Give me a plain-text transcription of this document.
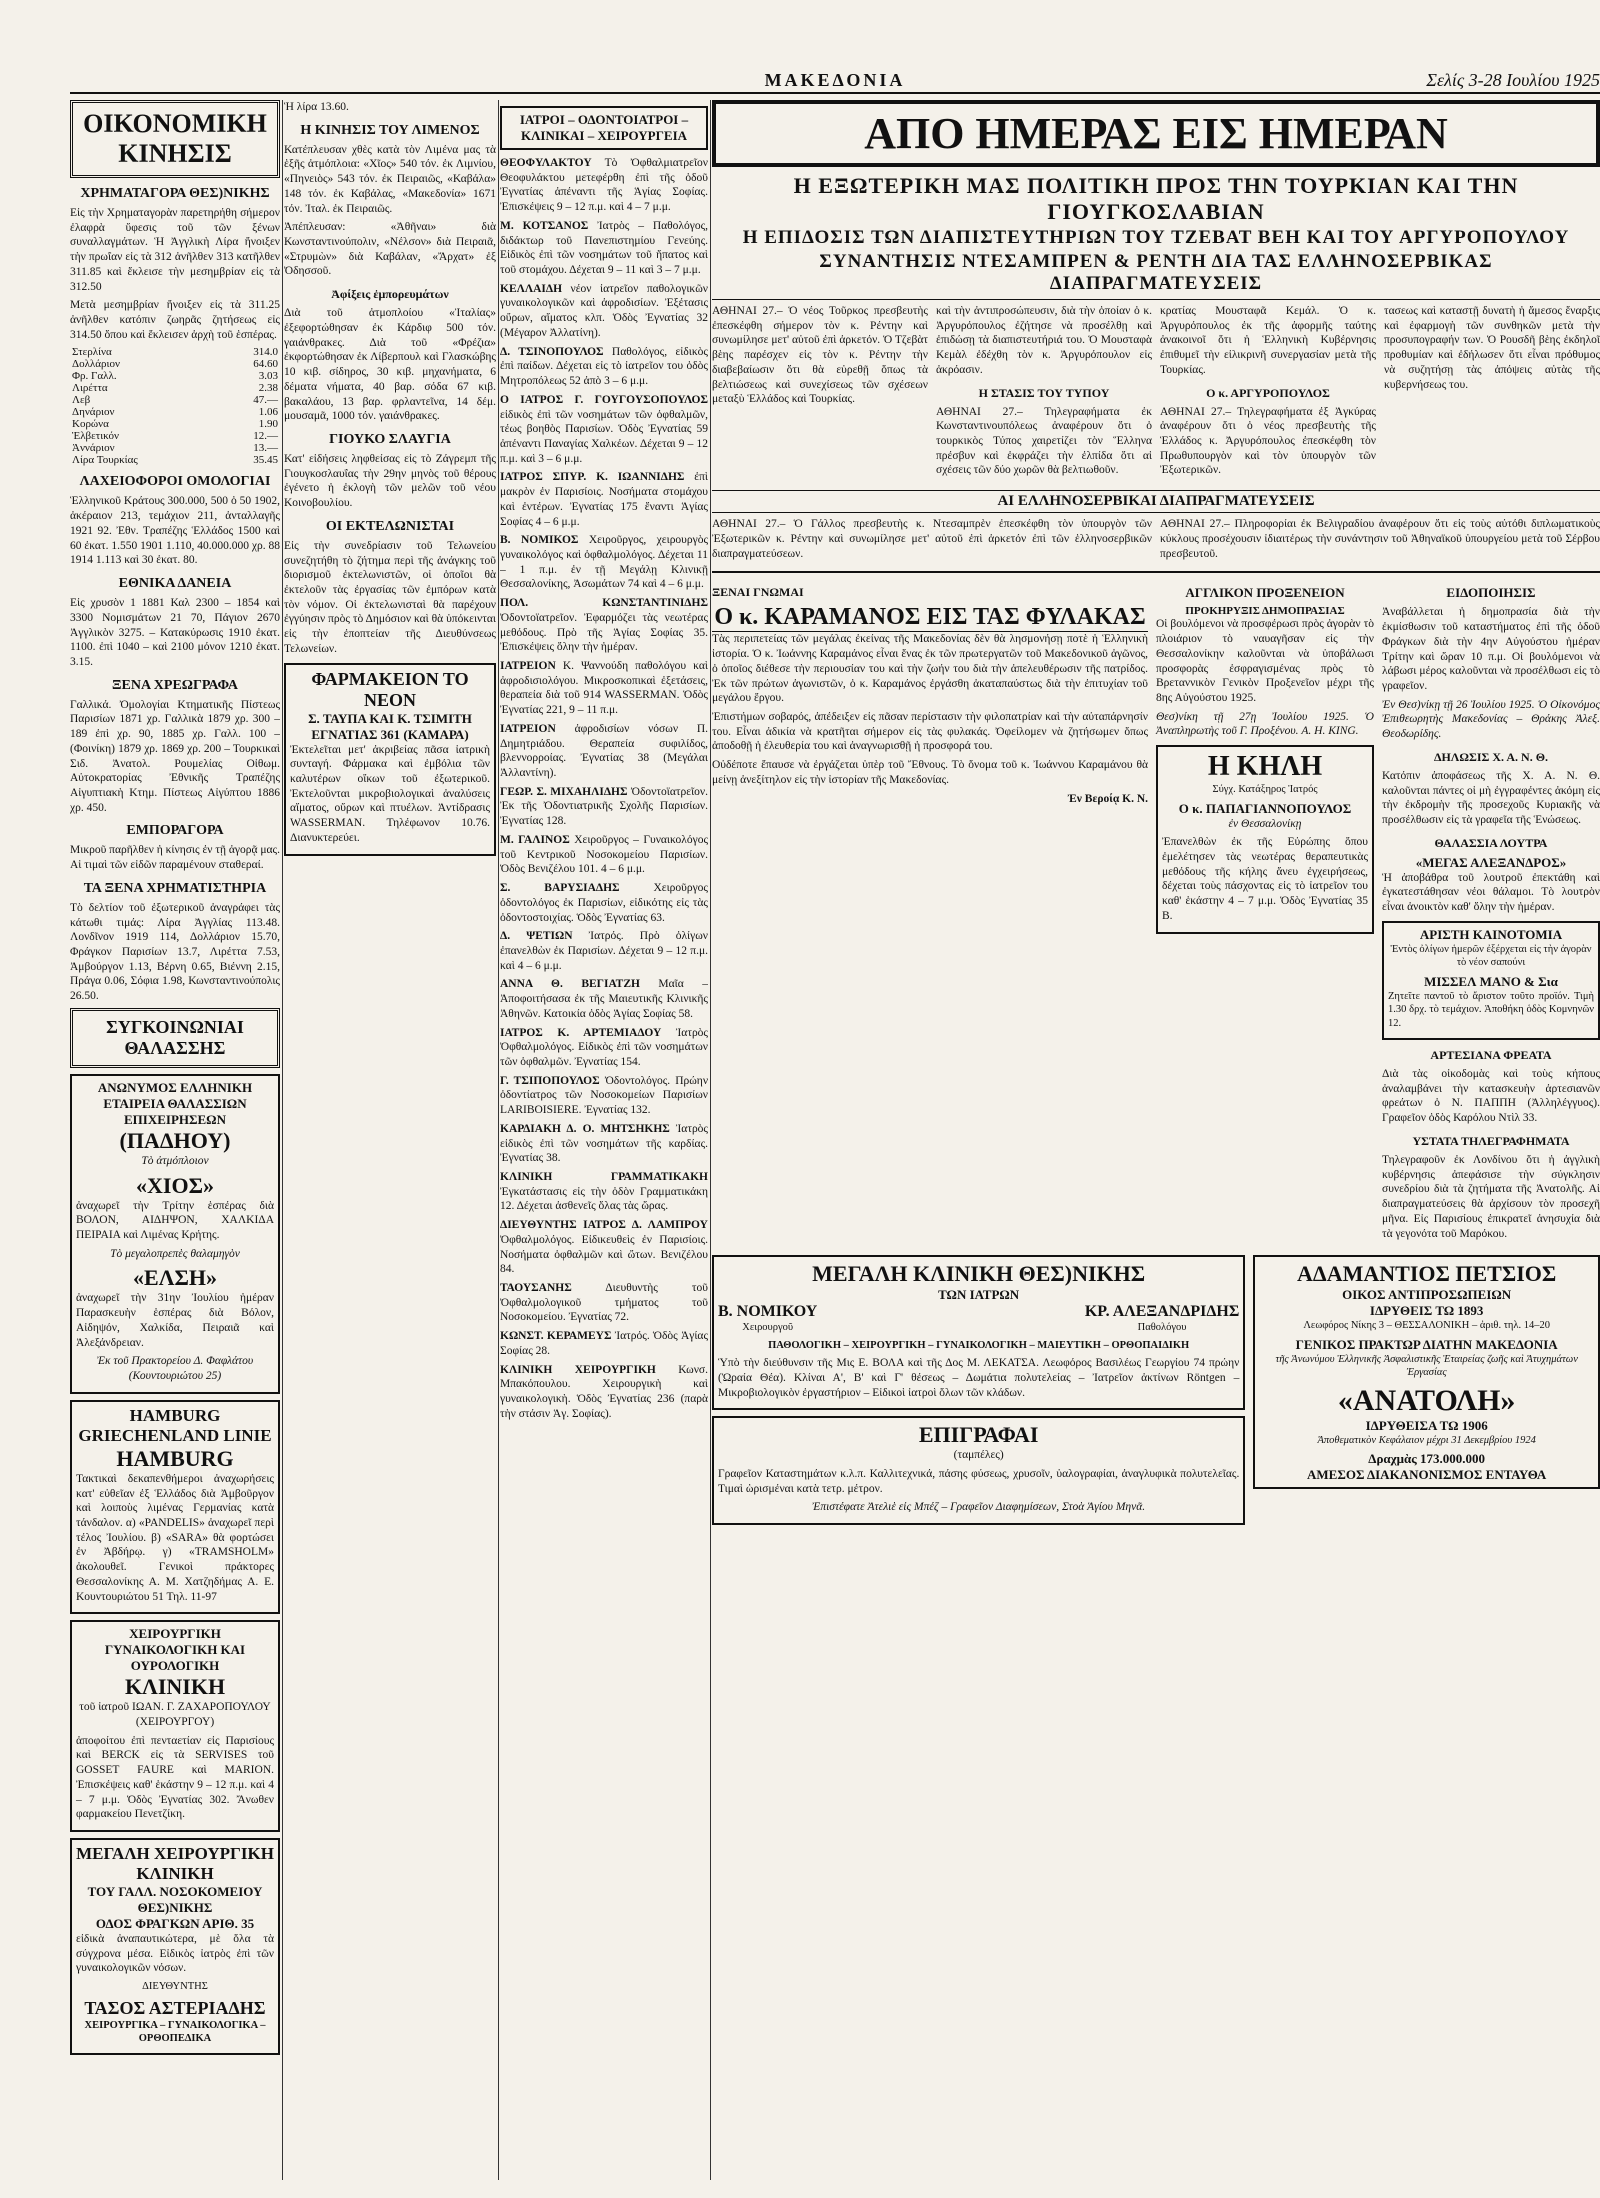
ΜΑΚΕΔΟΝΙΑ	Σελίς 3-28 Ιουλίου 1925
ΟΙΚΟΝΟΜΙΚΗ ΚΙΝΗΣΙΣ
ΧΡΗΜΑΤΑΓΟΡΑ ΘΕΣ)ΝΙΚΗΣ

Εἰς τὴν Χρηματαγορὰν παρετηρήθη σήμερον ἐλαφρὰ ὕφεσις τοῦ τῶν ξένων συναλλαγμάτων. Ἡ Ἀγγλικὴ Λίρα ἤνοιξεν τὴν πρωΐαν εἰς τὰ 312 ἀνῆλθεν 313 κατῆλθεν 311.85 καὶ ἔκλεισε τὴν μεσημβρίαν εἰς τὰ 312.50

Μετὰ μεσημβρίαν ἤνοιξεν εἰς τὰ 311.25 ἀνῆλθεν κατόπιν ζωηρᾶς ζητήσεως εἰς 314.50 ὅπου καὶ ἔκλεισεν ἀρχὴ τοῦ ἑσπέρας.

Στερλίνα	314.0
Δολλάριον	64.60
Φρ. Γαλλ.	3.03
Λιρέττα	2.38
Λεβ	47.—
Δηνάριον	1.06
Κορώνα	1.90
Ἑλβετικόν	12.—
Ἀννάριον	13.—
Λίρα Τουρκίας	35.45
ΛΑΧΕΙΟΦΟΡΟΙ ΟΜΟΛΟΓΙΑΙ

Ἑλληνικοῦ Κράτους 300.000, 500 ὁ 50 1902, ἀκέραιον 213, τεμάχιον 211, ἀνταλλαγῆς 1921 92. Ἐθν. Τραπέζης Ἑλλάδος 1500 καὶ 60 ἐκατ. 1.550 1901 1.110, 40.000.000 χρ. 88 1914 1.113 καὶ 30 ἐκατ. 80.

ΕΘΝΙΚΑ ΔΑΝΕΙΑ

Εἰς χρυσὸν 1 1881 Καλ 2300 – 1854 καὶ 3300 Νομισμάτων 21 70, Πάγιον 2670 Ἀγγλικὸν 3275. – Κατακύρωσις 1910 ἐκατ. 1100. ἐπὶ 1040 – καὶ 2100 μόνον 1210 ἐκατ. 3.15.

ΞΕΝΑ ΧΡΕΩΓΡΑΦΑ

Γαλλικά. Ὀμολογίαι Κτηματικῆς Πίστεως Παρισίων 1871 χρ. Γαλλικὰ 1879 χρ. 300 – 189 ἐπὶ χρ. 90, 1885 χρ. Γαλλ. 100 – (Φοινίκη) 1879 χρ. 1869 χρ. 200 – Τουρκικαὶ Σιδ. Ἀνατολ. Ρουμελίας Οἰθωμ. Αὐτοκρατορίας Ἐθνικῆς Τραπέζης Αἰγυπτιακὴ Κτημ. Πίστεως Αἰγύπτου 1886 χρ. 450.

ΕΜΠΟΡΑΓΟΡΑ

Μικροῦ παρῆλθεν ἡ κίνησις ἐν τῇ ἀγορᾷ μας. Αἱ τιμαὶ τῶν εἰδῶν παραμένουν σταθεραί.

ΤΑ ΞΕΝΑ ΧΡΗΜΑΤΙΣΤΗΡΙΑ

Τὸ δελτίον τοῦ ἐξωτερικοῦ ἀναγράφει τὰς κάτωθι τιμάς: Λίρα Ἀγγλίας 113.48. Λονδῖνον 1919 114, Δολλάριον 15.70, Φράγκον Παρισίων 13.7, Λιρέττα 7.53, Ἀμβούργον 1.13, Βέρνη 0.65, Βιέννη 2.15, Πράγα 0.06, Σόφια 1.98, Κωνσταντινούπολις 26.50.

ΣΥΓΚΟΙΝΩΝΙΑΙ ΘΑΛΑΣΣΗΣ
ΑΝΩΝΥΜΟΣ ΕΛΛΗΝΙΚΗ ΕΤΑΙΡΕΙΑ ΘΑΛΑΣΣΙΩΝ ΕΠΙΧΕΙΡΗΣΕΩΝ
(ΠΑΔΗΟΥ)

Τὸ ἀτμόπλοιον

«ΧΙΟΣ»

ἀναχωρεῖ τὴν Τρίτην ἑσπέρας διὰ ΒΟΛΟΝ, ΑΙΔΗΨΟΝ, ΧΑΛΚΙΔΑ ΠΕΙΡΑΙΑ καὶ Λιμένας Κρήτης.

Τὸ μεγαλοπρεπὲς θαλαμηγὸν

«ΕΛΣΗ»

ἀναχωρεῖ τὴν 31ην Ἰουλίου ἡμέραν Παρασκευὴν ἑσπέρας διὰ Βόλον, Αἰδηψόν, Χαλκίδα, Πειραιᾶ καὶ Ἀλεξάνδρειαν.

Ἐκ τοῦ Πρακτορείου Δ. Φαφλάτου (Κουντουριώτου 25)

HAMBURG GRIECHENLAND LINIE
HAMBURG

Τακτικαὶ δεκαπενθήμεροι ἀναχωρήσεις κατ' εὐθεῖαν ἐξ Ἑλλάδος διὰ Ἀμβοῦργον καὶ λοιποὺς λιμένας Γερμανίας κατὰ τάνδαλον. α) «PANDELIS» ἀναχωρεῖ περὶ τέλος Ἰουλίου. β) «SARA» θὰ φορτώσει ἐν Ἀβδήρῳ. γ) «TRAMSHOLM» ἀκολουθεῖ. Γενικοὶ πράκτορες Θεσσαλονίκης Α. Μ. Χατζηδήμας Α. Ε. Κουντουριώτου 51 Τηλ. 11-97

ΧΕΙΡΟΥΡΓΙΚΗ ΓΥΝΑΙΚΟΛΟΓΙΚΗ ΚΑΙ ΟΥΡΟΛΟΓΙΚΗ
ΚΛΙΝΙΚΗ

τοῦ ἰατροῦ ΙΩΑΝ. Γ. ΖΑΧΑΡΟΠΟΥΛΟΥ (ΧΕΙΡΟΥΡΓΟΥ)

ἀποφοίτου ἐπὶ πενταετίαν εἰς Παρισίους καὶ BERCK εἰς τὰ SERVISES τοῦ GOSSET FAURE καὶ MARION. Ἐπισκέψεις καθ' ἑκάστην 9 – 12 π.μ. καὶ 4 – 7 μ.μ. Ὁδὸς Ἐγνατίας 302. Ἄνωθεν φαρμακείου Πενετζίκη.

ΜΕΓΑΛΗ ΧΕΙΡΟΥΡΓΙΚΗ ΚΛΙΝΙΚΗ
ΤΟΥ ΓΑΛΛ. ΝΟΣΟΚΟΜΕΙΟΥ ΘΕΣ)ΝΙΚΗΣ
ΟΔΟΣ ΦΡΑΓΚΩΝ ΑΡΙΘ. 35

εἰδικὰ ἀναπαυτικώτερα, μὲ ὅλα τὰ σύγχρονα μέσα. Εἰδικὸς ἰατρὸς ἐπὶ τῶν γυναικολογικῶν νόσων.

ΔΙΕΥΘΥΝΤΗΣ

ΤΑΣΟΣ ΑΣΤΕΡΙΑΔΗΣ

ΧΕΙΡΟΥΡΓΙΚΑ – ΓΥΝΑΙΚΟΛΟΓΙΚΑ – ΟΡΘΟΠΕΔΙΚΑ

Ἡ λίρα 13.60.

Η ΚΙΝΗΣΙΣ ΤΟΥ ΛΙΜΕΝΟΣ

Κατέπλευσαν χθὲς κατὰ τὸν Λιμένα μας τὰ ἑξῆς ἀτμόπλοια: «Χῖος» 540 τόν. ἐκ Λιμνίου, «Πηνειὸς» 543 τόν. ἐκ Πειραιῶς, «Καβάλα» 148 τόν. ἐκ Καβάλας, «Μακεδονία» 1671 τόν. Ἰταλ. ἐκ Πειραιῶς.

Ἀπέπλευσαν: «Ἀθῆναι» διὰ Κωνσταντινούπολιν, «Νέλσον» διὰ Πειραιᾶ, «Στρυμὼν» διὰ Καβάλαν, «Ἄρχατ» ἐξ Ὀδησσοῦ.

Ἀφίξεις ἐμπορευμάτων

Διὰ τοῦ ἀτμοπλοίου «Ἰταλίας» ἐξεφορτώθησαν ἐκ Κάρδιφ 500 τόν. γαιάνθρακες. Διὰ τοῦ «Φρέζια» ἐκφορτώθησαν ἐκ Λίβερπουλ καὶ Γλασκώβης 10 κιβ. σίδηρος, 30 κιβ. μηχανήματα, 6 δέματα νήματα, 40 βαρ. σόδα 67 κιβ. βακαλάου, 13 βαρ. φρλαντεῖνα, 14 δέμ. μουσαμᾶ, 1000 τόν. γαιάνθρακες.

ΓΙΟΥΚΟ ΣΛΑΥΓΙΑ

Κατ' εἰδήσεις ληφθείσας εἰς τὸ Ζάγρεμπ τῆς Γιουγκοσλαυΐας τὴν 29ην μηνὸς τοῦ θέρους ἐγένετο ἡ ἐκλογὴ τῶν μελῶν τοῦ νέου Κοινοβουλίου.

ΟΙ ΕΚΤΕΛΩΝΙΣΤΑΙ

Εἰς τὴν συνεδρίασιν τοῦ Τελωνείου συνεζητήθη τὸ ζήτημα περὶ τῆς ἀνάγκης τοῦ διορισμοῦ ἐκτελωνιστῶν, οἱ ὁποῖοι θὰ ἐκτελοῦν τὰς ἐργασίας τῶν ἐμπόρων κατὰ τὸν νόμον. Οἱ ἐκτελωνισταὶ θὰ παρέχουν ἐγγύησιν πρὸς τὸ Δημόσιον καὶ θὰ ὑπόκεινται εἰς τὴν ἐποπτείαν τῆς Διευθύνσεως Τελωνείων.

ΦΑΡΜΑΚΕΙΟΝ ΤΟ ΝΕΟΝ
Σ. ΤΑΥΠΑ ΚΑΙ Κ. ΤΣΙΜΙΤΗ
ΕΓΝΑΤΙΑΣ 361 (ΚΑΜΑΡΑ)

Ἐκτελεῖται μετ' ἀκριβείας πᾶσα ἰατρικὴ συνταγή. Φάρμακα καὶ ἐμβόλια τῶν καλυτέρων οἴκων τοῦ ἐξωτερικοῦ. Ἐκτελοῦνται μικροβιολογικαὶ ἀναλύσεις αἵματος, οὔρων καὶ πτυέλων. Ἀντίδρασις WASSERMAN. Τηλέφωνον 10.76. Διανυκτερεύει.

ΙΑΤΡΟΙ – ΟΔΟΝΤΟΙΑΤΡΟΙ – ΚΛΙΝΙΚΑΙ – ΧΕΙΡΟΥΡΓΕΙΑ

ΘΕΟΦΥΛΑΚΤΟΥ Τὸ Ὀφθαλμιατρεῖον Θεοφυλάκτου μετεφέρθη ἐπὶ τῆς ὁδοῦ Ἐγνατίας ἀπέναντι τῆς Ἁγίας Σοφίας. Ἐπισκέψεις 9 – 12 π.μ. καὶ 4 – 7 μ.μ.

Μ. ΚΟΤΣΑΝΟΣ Ἰατρὸς – Παθολόγος, διδάκτωρ τοῦ Πανεπιστημίου Γενεύης. Εἰδικὸς ἐπὶ τῶν νοσημάτων τοῦ ἥπατος καὶ τοῦ στομάχου. Δέχεται 9 – 11 καὶ 3 – 7 μ.μ.

ΚΕΛΛΑΙΔΗ νέον ἰατρεῖον παθολογικῶν γυναικολογικῶν καὶ ἀφροδισίων. Ἐξέτασις οὔρων, αἵματος κλπ. Ὁδὸς Ἐγνατίας 32 (Μέγαρον Ἀλλατίνη).

Δ. ΤΣΙΝΟΠΟΥΛΟΣ Παθολόγος, εἰδικὸς ἐπὶ παίδων. Δέχεται εἰς τὸ ἰατρεῖον του ὁδὸς Μητροπόλεως 52 ἀπὸ 3 – 6 μ.μ.

Ο ΙΑΤΡΟΣ Γ. ΓΟΥΓΟΥΣΟΠΟΥΛΟΣ εἰδικὸς ἐπὶ τῶν νοσημάτων τῶν ὀφθαλμῶν, τέως βοηθὸς Παρισίων. Ὁδὸς Ἐγνατίας 59 ἀπέναντι Παναγίας Χαλκέων. Δέχεται 9 – 12 π.μ. καὶ 3 – 6 μ.μ.

ΙΑΤΡΟΣ ΣΠΥΡ. Κ. ΙΩΑΝΝΙΔΗΣ ἐπὶ μακρὸν ἐν Παρισίοις. Νοσήματα στομάχου καὶ ἐντέρων. Ἐγνατίας 175 ἔναντι Ἁγίας Σοφίας 4 – 6 μ.μ.

Β. ΝΟΜΙΚΟΣ Χειροῦργος, χειρουργὸς γυναικολόγος καὶ ὀφθαλμολόγος. Δέχεται 11 – 1 π.μ. ἐν τῇ Μεγάλῃ Κλινικῇ Θεσσαλονίκης, Ἀσωμάτων 74 καὶ 4 – 6 μ.μ.

ΠΟΛ. ΚΩΝΣΤΑΝΤΙΝΙΔΗΣ Ὀδοντοϊατρεῖον. Ἐφαρμόζει τὰς νεωτέρας μεθόδους. Πρὸ τῆς Ἁγίας Σοφίας 35. Ἐπισκέψεις ὅλην τὴν ἡμέραν.

ΙΑΤΡΕΙΟΝ Κ. Ψαννούδη παθολόγου καὶ ἀφροδισιολόγου. Μικροσκοπικαὶ ἐξετάσεις, θεραπεία διὰ τοῦ 914 WASSERMAN. Ὁδὸς Ἐγνατίας 221, 9 – 11 π.μ.

ΙΑΤΡΕΙΟΝ ἀφροδισίων νόσων Π. Δημητριάδου. Θεραπεία συφιλίδος, βλεννορροίας. Ἐγνατίας 38 (Μεγάλαι Ἀλλαντίνη).

ΓΕΩΡ. Σ. ΜΙΧΑΗΛΙΔΗΣ Ὀδοντοϊατρεῖον. Ἐκ τῆς Ὀδοντιατρικῆς Σχολῆς Παρισίων. Ἐγνατίας 128.

Μ. ΓΑΛΙΝΟΣ Χειροῦργος – Γυναικολόγος τοῦ Κεντρικοῦ Νοσοκομείου Παρισίων. Ὁδὸς Βενιζέλου 101. 4 – 6 μ.μ.

Σ. ΒΑΡΥΣΙΑΔΗΣ	Χειροῦργος ὀδοντολόγος ἐκ Παρισίων, εἰδικότης εἰς τὰς ὀδοντοστοιχίας. Ὁδὸς Ἐγνατίας 63.

Δ. ΨΕΤΙΩΝ Ἰατρός. Πρὸ ὀλίγων ἐπανελθὼν ἐκ Παρισίων. Δέχεται 9 – 12 π.μ. καὶ 4 – 6 μ.μ.

ΑΝΝΑ Θ. ΒΕΓΙΑΤΖΗ Μαῖα – Ἀποφοιτήσασα ἐκ τῆς Μαιευτικῆς Κλινικῆς Ἀθηνῶν. Κατοικία ὁδὸς Ἁγίας Σοφίας 58.

ΙΑΤΡΟΣ Κ. ΑΡΤΕΜΙΑΔΟΥ Ἰατρὸς Ὀφθαλμολόγος. Εἰδικὸς ἐπὶ τῶν νοσημάτων τῶν ὀφθαλμῶν. Ἐγνατίας 154.

Γ. ΤΣΙΠΟΠΟΥΛΟΣ Ὀδοντολόγος. Πρώην ὀδοντίατρος τῶν Νοσοκομείων Παρισίων LARIBOISIERE. Ἐγνατίας 132.

ΚΑΡΔΙΑΚΗ Δ. Ο. ΜΗΤΣΗΚΗΣ Ἰατρὸς εἰδικὸς ἐπὶ τῶν νοσημάτων τῆς καρδίας. Ἐγνατίας 38.

ΚΛΙΝΙΚΗ ΓΡΑΜΜΑΤΙΚΑΚΗ Ἐγκατάστασις εἰς τὴν ὁδὸν Γραμματικάκη 12. Δέχεται ἀσθενεῖς ὅλας τὰς ὥρας.

ΔΙΕΥΘΥΝΤΗΣ ΙΑΤΡΟΣ Δ. ΛΑΜΠΡΟΥ Ὀφθαλμολόγος. Εἰδικευθεὶς ἐν Παρισίοις. Νοσήματα ὀφθαλμῶν καὶ ὤτων. Βενιζέλου 84.

ΤΑΟΥΣΑΝΗΣ	Διευθυντὴς τοῦ Ὀφθαλμολογικοῦ τμήματος τοῦ Νοσοκομείου. Ἐγνατίας 72.

ΚΩΝΣΤ. ΚΕΡΑΜΕΥΣ Ἰατρός. Ὁδὸς Ἁγίας Σοφίας 28.

ΚΛΙΝΙΚΗ ΧΕΙΡΟΥΡΓΙΚΗ Κωνσ. Μπακόπουλου. Χειρουργικὴ καὶ γυναικολογικὴ. Ὁδὸς Ἐγνατίας 236 (παρὰ τὴν στάσιν Ἁγ. Σοφίας).

ΑΠΟ ΗΜΕΡΑΣ ΕΙΣ ΗΜΕΡΑΝ
Η ΕΞΩΤΕΡΙΚΗ ΜΑΣ ΠΟΛΙΤΙΚΗ ΠΡΟΣ ΤΗΝ ΤΟΥΡΚΙΑΝ ΚΑΙ ΤΗΝ ΓΙΟΥΓΚΟΣΛΑΒΙΑΝ
Η ΕΠΙΔΟΣΙΣ ΤΩΝ ΔΙΑΠΙΣΤΕΥΤΗΡΙΩΝ ΤΟΥ ΤΖΕΒΑΤ ΒΕΗ ΚΑΙ ΤΟΥ ΑΡΓΥΡΟΠΟΥΛΟΥ
ΣΥΝΑΝΤΗΣΙΣ ΝΤΕΣΑΜΠΡΕΝ & ΡΕΝΤΗ ΔΙΑ ΤΑΣ ΕΛΛΗΝΟΣΕΡΒΙΚΑΣ ΔΙΑΠΡΑΓΜΑΤΕΥΣΕΙΣ

ΑΘΗΝΑΙ 27.– Ὁ νέος Τοῦρκος πρεσβευτὴς ἐπεσκέφθη σήμερον τὸν κ. Ρέντην καὶ συνωμίλησε μετ' αὐτοῦ ἐπὶ ἀρκετόν. Ὁ Τζεβὰτ βὲης παρέσχεν εἰς τὸν κ. Ρέντην τὴν διαβεβαίωσιν ὅτι θὰ εὑρεθῇ ὅπως τὰ βελτιώσεως καὶ συνεχίσεως τῶν σχέσεων μεταξὺ Ἑλλάδος καὶ Τουρκίας.

καὶ τὴν ἀντιπροσώπευσιν, διὰ τὴν ὁποίαν ὁ κ. Ἀργυρόπουλος ἐζήτησε νὰ προσέλθῃ καὶ ἐπιδώσῃ τὰ διαπιστευτήριά του. Ὁ Μουσταφὰ Κεμὰλ ἐδέχθη τὸν κ. Ἀργυρόπουλον εἰς ἀκρόασιν.

Η ΣΤΑΣΙΣ ΤΟΥ ΤΥΠΟΥ

ΑΘΗΝΑΙ 27.– Τηλεγραφήματα ἐκ Κωνσταντινουπόλεως ἀναφέρουν ὅτι ὁ τουρκικὸς Τύπος χαιρετίζει τὸν Ἕλληνα πρέσβυν καὶ ἐκφράζει τὴν ἐλπίδα ὅτι αἱ σχέσεις τῶν δύο χωρῶν θὰ βελτιωθοῦν.

κρατίας Μουσταφᾶ Κεμάλ. Ὁ κ. Ἀργυρόπουλος ἐκ τῆς ἀφορμῆς ταύτης ἀνακοινοῖ ὅτι ἡ Ἑλληνικὴ Κυβέρνησις ἐπιθυμεῖ τὴν εἰλικρινῆ συνεργασίαν μετὰ τῆς Τουρκίας.

Ο κ. ΑΡΓΥΡΟΠΟΥΛΟΣ

ΑΘΗΝΑΙ 27.– Τηλεγραφήματα ἐξ Ἀγκύρας ἀναφέρουν ὅτι ὁ νέος πρεσβευτὴς τῆς Ἑλλάδος κ. Ἀργυρόπουλος ἐπεσκέφθη τὸν Πρωθυπουργὸν καὶ τὸν ὑπουργὸν τῶν Ἐξωτερικῶν.

τασεως καὶ καταστῇ δυνατὴ ἡ ἄμεσος ἔναρξις καὶ ἐφαρμογὴ τῶν συνθηκῶν μετὰ τὴν προσυπογραφήν των. Ὁ Ρουσδῆ βὲης ἐκδηλοῖ προθυμίαν καὶ ἐδήλωσεν ὅτι εἶναι πρόθυμος νὰ συζητήσῃ τὰς ἀπόψεις αὐτὰς τῆς κυβερνήσεως του.

ΑΙ ΕΛΛΗΝΟΣΕΡΒΙΚΑΙ ΔΙΑΠΡΑΓΜΑΤΕΥΣΕΙΣ

ΑΘΗΝΑΙ 27.– Ὁ Γάλλος πρεσβευτὴς κ. Ντεσαμπρὲν ἐπεσκέφθη τὸν ὑπουργὸν τῶν Ἐξωτερικῶν κ. Ρέντην καὶ συνωμίλησε μετ' αὐτοῦ ἐπὶ ἀρκετόν ἐπὶ τῶν ἑλληνοσερβικῶν διαπραγματεύσεων.

ΑΘΗΝΑΙ 27.– Πληροφορίαι ἐκ Βελιγραδίου ἀναφέρουν ὅτι εἰς τοὺς αὐτόθι διπλωματικοὺς κύκλους προσέχουσιν ἰδιαιτέρως τὴν συνάντησιν τοῦ Ἀθηναϊκοῦ ὑπουργείου μετὰ τοῦ Σέρβου πρεσβευτοῦ.

ΞΕΝΑΙ ΓΝΩΜΑΙ
Ο κ. ΚΑΡΑΜΑΝΟΣ ΕΙΣ ΤΑΣ ΦΥΛΑΚΑΣ

Τὰς περιπετείας τῶν μεγάλας ἐκείνας τῆς Μακεδονίας δὲν θὰ λησμονήσῃ ποτὲ ἡ Ἑλληνικὴ ἱστορία. Ὁ κ. Ἰωάννης Καραμάνος εἶναι ἕνας ἐκ τῶν πρωτεργατῶν τοῦ Μακεδονικοῦ ἀγῶνος, ὁ ὁποῖος διέθεσε τὴν περιουσίαν του καὶ τὴν ζωήν του διὰ τὴν ἀπελευθέρωσιν τῆς πατρίδος. Ἐκ τῶν πρώτων ἀγωνιστῶν, ὁ κ. Καραμάνος ἐργάσθη ἀκαταπαύστως διὰ τὴν ἐπιτυχίαν τοῦ μεγάλου ἔργου.

Ἐπιστήμων σοβαρός, ἀπέδειξεν εἰς πᾶσαν περίστασιν τὴν φιλοπατρίαν καὶ τὴν αὐταπάρνησίν του. Εἶναι ἀδικία νὰ κρατῆται σήμερον εἰς τὰς φυλακάς. Ὀφείλομεν νὰ ζητήσωμεν ὅπως ἀποδοθῇ ἡ ἐλευθερία του καὶ ἀναγνωρισθῇ ἡ προσφορά του.

Οὐδέποτε ἔπαυσε νὰ ἐργάζεται ὑπὲρ τοῦ Ἔθνους. Τὸ ὄνομα τοῦ κ. Ἰωάννου Καραμάνου θὰ μείνῃ ἀνεξίτηλον εἰς τὴν ἱστορίαν τῆς Μακεδονίας.

Ἐν Βεροίᾳ Κ. Ν.

ΑΓΓΛΙΚΟΝ ΠΡΟΞΕΝΕΙΟΝ
ΠΡΟΚΗΡΥΞΙΣ ΔΗΜΟΠΡΑΣΙΑΣ

Οἱ βουλόμενοι νὰ προσφέρωσι πρὸς ἀγορὰν τὸ πλοιάριον τὸ ναυαγῆσαν εἰς τὴν Θεσσαλονίκην καλοῦνται νὰ ὑποβάλωσι προσφορὰς ἐσφραγισμένας πρὸς τὸ Βρεταννικὸν Γενικὸν Προξενεῖον μέχρι τῆς 8ης Αὐγούστου 1925.

Θεσ)νίκη τῇ 27ῃ Ἰουλίου 1925. Ὁ Ἀναπληρωτὴς τοῦ Γ. Προξένου. A. H. KING.

Η ΚΗΛΗ

Σύγχ. Κατάξηρος Ἰατρός

Ο κ. ΠΑΠΑΓΙΑΝΝΟΠΟΥΛΟΣ

ἐν Θεσσαλονίκῃ

Ἐπανελθὼν ἐκ τῆς Εὐρώπης ὅπου ἐμελέτησεν τὰς νεωτέρας θεραπευτικὰς μεθόδους τῆς κήλης ἄνευ ἐγχειρήσεως, δέχεται τοὺς πάσχοντας εἰς τὸ ἰατρεῖον του καθ' ἑκάστην 4 – 7 μ.μ. Ὁδὸς Ἐγνατίας 35 Β.

ΕΙΔΟΠΟΙΗΣΙΣ

Ἀναβάλλεται ἡ δημοπρασία διὰ τὴν ἐκμίσθωσιν τοῦ καταστήματος ἐπὶ τῆς ὁδοῦ Φράγκων διὰ τὴν 4ην Αὐγούστου ἡμέραν Τρίτην καὶ ὥραν 10 π.μ. Οἱ βουλόμενοι νὰ λάβωσι μέρος καλοῦνται νὰ προσέλθωσι εἰς τὸ γραφεῖον.

Ἐν Θεσ)νίκῃ τῇ 26 Ἰουλίου 1925. Ὁ Οἰκονόμος Ἐπιθεωρητὴς Μακεδονίας – Θράκης Ἀλεξ. Θεοδωρίδης.

ΔΗΛΩΣΙΣ Χ. Α. Ν. Θ.

Κατόπιν ἀποφάσεως τῆς Χ. Α. Ν. Θ. καλοῦνται πάντες οἱ μὴ ἐγγραφέντες ἀκόμη εἰς τὴν ἐκδρομὴν τῆς προσεχοῦς Κυριακῆς νὰ προσέλθωσιν εἰς τὰ γραφεῖα τῆς Ἑνώσεως.

ΘΑΛΑΣΣΙΑ ΛΟΥΤΡΑ
«ΜΕΓΑΣ ΑΛΕΞΑΝΔΡΟΣ»

Ἡ ἀποβάθρα τοῦ λουτροῦ ἐπεκτάθη καὶ ἐγκατεστάθησαν νέοι θάλαμοι. Τὸ λουτρὸν εἶναι ἀνοικτὸν καθ' ὅλην τὴν ἡμέραν.

ΑΡΙΣΤΗ ΚΑΙΝΟΤΟΜΙΑ

Ἐντὸς ὀλίγων ἡμερῶν ἐξέρχεται εἰς τὴν ἀγορὰν τὸ νέον σαπούνι

ΜΙΣΣΕΛ ΜΑΝΟ & Σια

Ζητεῖτε παντοῦ τὸ ἄριστον τοῦτο προϊόν. Τιμὴ 1.30 δρχ. τὸ τεμάχιον. Ἀποθήκη ὁδὸς Κομνηνῶν 12.

ΑΡΤΕΣΙΑΝΑ ΦΡΕΑΤΑ

Διὰ τὰς οἰκοδομὰς καὶ τοὺς κήπους ἀναλαμβάνει τὴν κατασκευὴν ἀρτεσιανῶν φρεάτων ὁ Ν. ΠΑΠΠΗ (Ἀλληλέγγυος). Γραφεῖον ὁδὸς Καρόλου Ντὶλ 33.

ΥΣΤΑΤΑ ΤΗΛΕΓΡΑΦΗΜΑΤΑ

Τηλεγραφοῦν ἐκ Λονδίνου ὅτι ἡ ἀγγλικὴ κυβέρνησις ἀπεφάσισε τὴν σύγκλησιν συνεδρίου διὰ τὰ ζητήματα τῆς Ἀνατολῆς. Αἱ διαπραγματεύσεις θὰ ἀρχίσουν τὸν προσεχῆ μῆνα. Εἰς Παρισίους ἐπικρατεῖ ἀνησυχία διὰ τὰ γεγονότα τοῦ Μαρόκου.

ΜΕΓΑΛΗ ΚΛΙΝΙΚΗ ΘΕΣ)ΝΙΚΗΣ
ΤΩΝ ΙΑΤΡΩΝ
Β. ΝΟΜΙΚΟΥ

Χειρουργοῦ

ΚΡ. ΑΛΕΞΑΝΔΡΙΔΗΣ

Παθολόγου

ΠΑΘΟΛΟΓΙΚΗ – ΧΕΙΡΟΥΡΓΙΚΗ – ΓΥΝΑΙΚΟΛΟΓΙΚΗ – ΜΑΙΕΥΤΙΚΗ – ΟΡΘΟΠΑΙΔΙΚΗ

Ὑπὸ τὴν διεύθυνσιν τῆς Μις Ε. ΒΟΛΑ καὶ τῆς Δος Μ. ΛΕΚΑΤΣΑ. Λεωφόρος Βασιλέως Γεωργίου 74 πρώην (Ὡραία Θέα). Κλίναι Α', Β' καὶ Γ' θέσεως – Δωμάτια πολυτελείας – Ἰατρεῖον ἀκτίνων Röntgen – Μικροβιολογικὸν ἐργαστήριον – Εἰδικοὶ ἰατροὶ ὅλων τῶν κλάδων.

ΕΠΙΓΡΑΦΑΙ

(ταμπέλες)

Γραφεῖον Καταστημάτων κ.λ.π. Καλλιτεχνικά, πάσης φύσεως, χρυσοῖν, ὑαλογραφίαι, ἀναγλυφικὰ πολυτελεῖας. Τιμαὶ ὡρισμέναι κατὰ τετρ. μέτρον.

Ἐπιστέφατε Ἀτελιὲ εἰς Μπέζ – Γραφεῖον Διαφημίσεων, Στοὰ Ἁγίου Μηνᾶ.

ΑΔΑΜΑΝΤΙΟΣ ΠΕΤΣΙΟΣ
ΟΙΚΟΣ ΑΝΤΙΠΡΟΣΩΠΕΙΩΝ
ΙΔΡΥΘΕΙΣ ΤΩ 1893

Λεωφόρος Νίκης 3 – ΘΕΣΣΑΛΟΝΙΚΗ – ἀριθ. τηλ. 14–20

ΓΕΝΙΚΟΣ ΠΡΑΚΤΩΡ ΔΙΑΤΗΝ ΜΑΚΕΔΟΝΙΑ

τῆς Ἀνωνύμου Ἑλληνικῆς Ἀσφαλιστικῆς Ἑταιρείας ζωῆς καὶ Ἀτυχημάτων Ἐργασίας

«ΑΝΑΤΟΛΗ»
ΙΔΡΥΘΕΙΣΑ ΤΩ 1906

Ἀποθεματικὸν Κεφάλαιον μέχρι 31 Δεκεμβρίου 1924

Δραχμὰς 173.000.000
ΑΜΕΣΟΣ ΔΙΑΚΑΝΟΝΙΣΜΟΣ ΕΝΤΑΥΘΑ
